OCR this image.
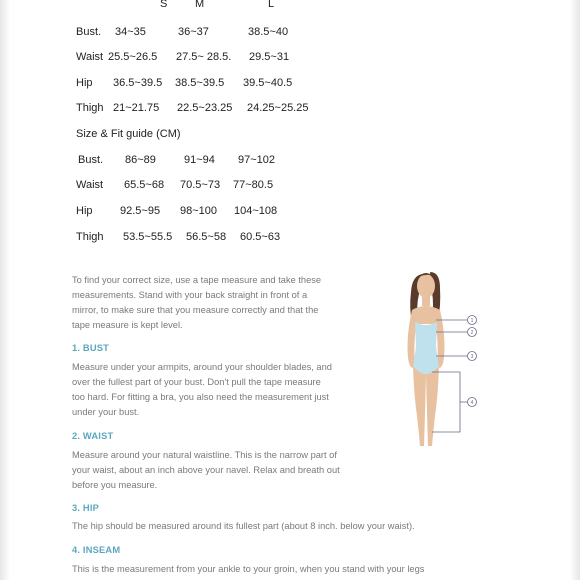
S	M	L
Bust. 34~35	36~37	38.5~40
Waist 25.5~26.5 27.5~ 28.5. 29.5~31
Hip 36.5~39.5 38.5~39.5 39.5~40.5
Thigh 21~21.75 22.5~23.25 24.25~25.25
Size & Fit guide (CM)
Bust. 86~89	91~94 97~102
Waist 65.5~68 70.5~73 77~80.5
Hip 92.5~95 98~100 104~108
Thigh 53.5~55.5 56.5~58 60.5~63

To find your correct size, use a tape measure and take these

measurements. Stand with your back straight in front of a

mirror, to make sure that you measure correctly and that the

tape measure is kept level.

1. BUST
Measure under your armpits, around your shoulder blades, and
over the fullest part of your bust. Don't pull the tape measure
too hard. For fitting a bra, you also need the measurement just
under your bust.
2. WAIST
Measure around your natural waistline. This is the narrow part of
your waist, about an inch above your navel. Relax and breath out
before you measure.
3. HIP
The hip should be measured around its fullest part (about 8 inch. below your waist).
4. INSEAM
This is the measurement from your ankle to your groin, when you stand with your legs
1
2
3
4
